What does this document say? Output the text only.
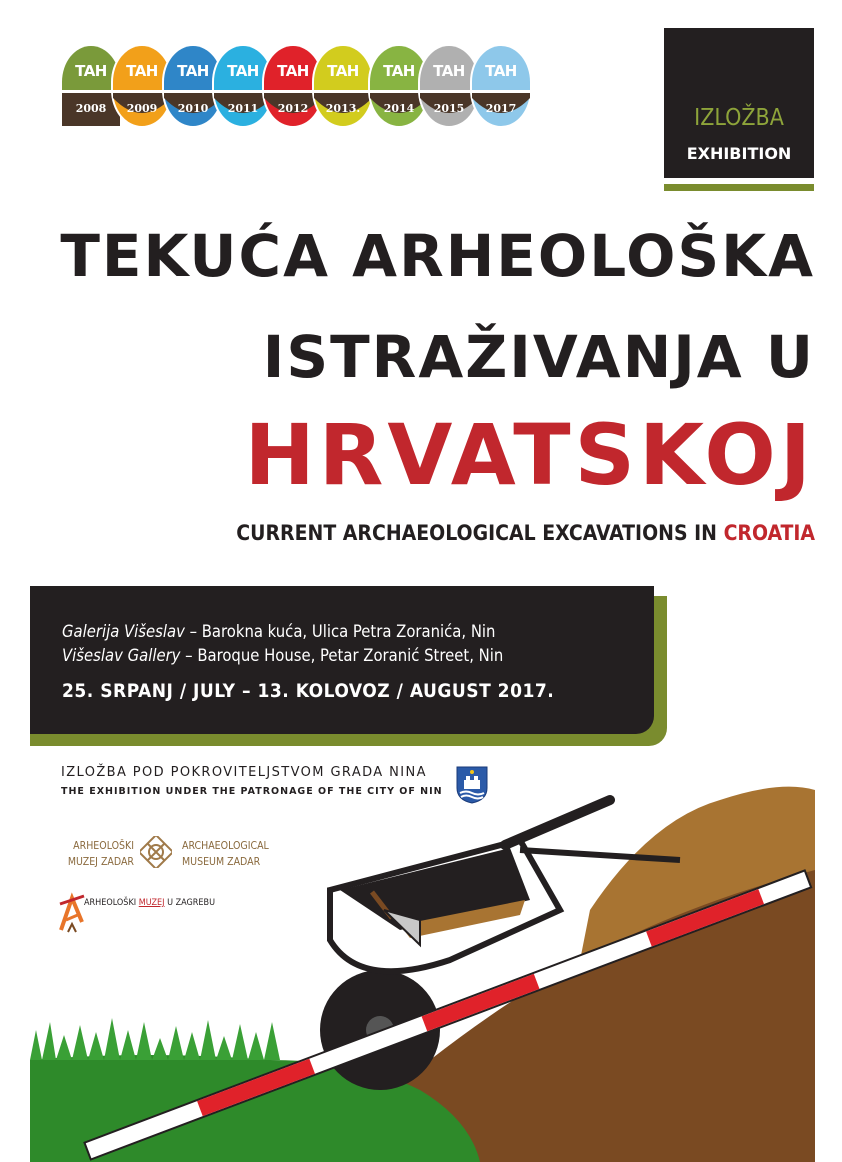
TAH
2008
TAH
2009
TAH
2010
TAH
2011
TAH
2012
TAH
2013.
TAH
2014
TAH
2015
TAH
2017	IZLOŽBA
EXHIBITION
TEKUĆA ARHEOLOŠKA
ISTRAŽIVANJA U
HRVATSKOJ
CURRENT ARCHAEOLOGICAL EXCAVATIONS IN CROATIA
Galerija Višeslav – Barokna kuća, Ulica Petra Zoranića, Nin
Višeslav Gallery – Baroque House, Petar Zoranić Street, Nin
25. SRPANJ / JULY – 13. KOLOVOZ / AUGUST 2017.
IZLOŽBA POD POKROVITELJSTVOM GRADA NINA
THE EXHIBITION UNDER THE PATRONAGE OF THE CITY OF NIN
ARHEOLOŠKI
MUZEJ ZADAR
ARCHAEOLOGICAL
MUSEUM ZADAR
ARHEOLOŠKI MUZEJ U ZAGREBU
